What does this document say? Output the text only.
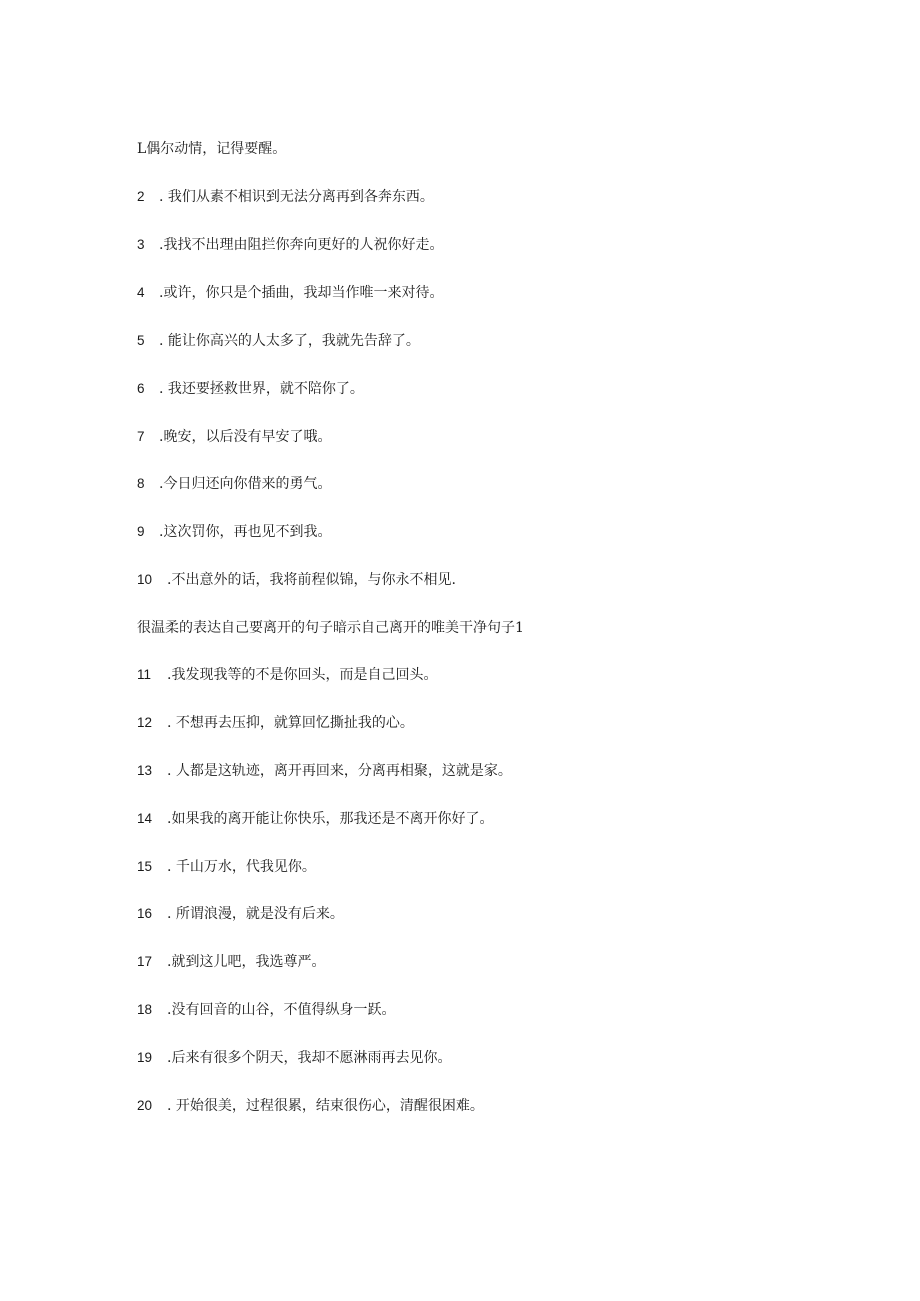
L偶尔动情，记得要醒。
2 . 我们从素不相识到无法分离再到各奔东西。
3 .我找不出理由阻拦你奔向更好的人祝你好走。
4 .或许，你只是个插曲，我却当作唯一来对待。
5 . 能让你高兴的人太多了，我就先告辞了。
6 . 我还要拯救世界，就不陪你了。
7 .晚安，以后没有早安了哦。
8 .今日归还向你借来的勇气。
9 .这次罚你，再也见不到我。
10 .不出意外的话，我将前程似锦，与你永不相见.
很温柔的表达自己要离开的句子暗示自己离开的唯美干净句子1
11 .我发现我等的不是你回头，而是自己回头。
12 . 不想再去压抑，就算回忆撕扯我的心。
13 . 人都是这轨迹，离开再回来，分离再相聚，这就是家。
14 .如果我的离开能让你快乐，那我还是不离开你好了。
15 . 千山万水，代我见你。
16 . 所谓浪漫，就是没有后来。
17 .就到这儿吧，我选尊严。
18 .没有回音的山谷，不值得纵身一跃。
19 .后来有很多个阴天，我却不愿淋雨再去见你。
20 . 开始很美，过程很累，结束很伤心，清醒很困难。
